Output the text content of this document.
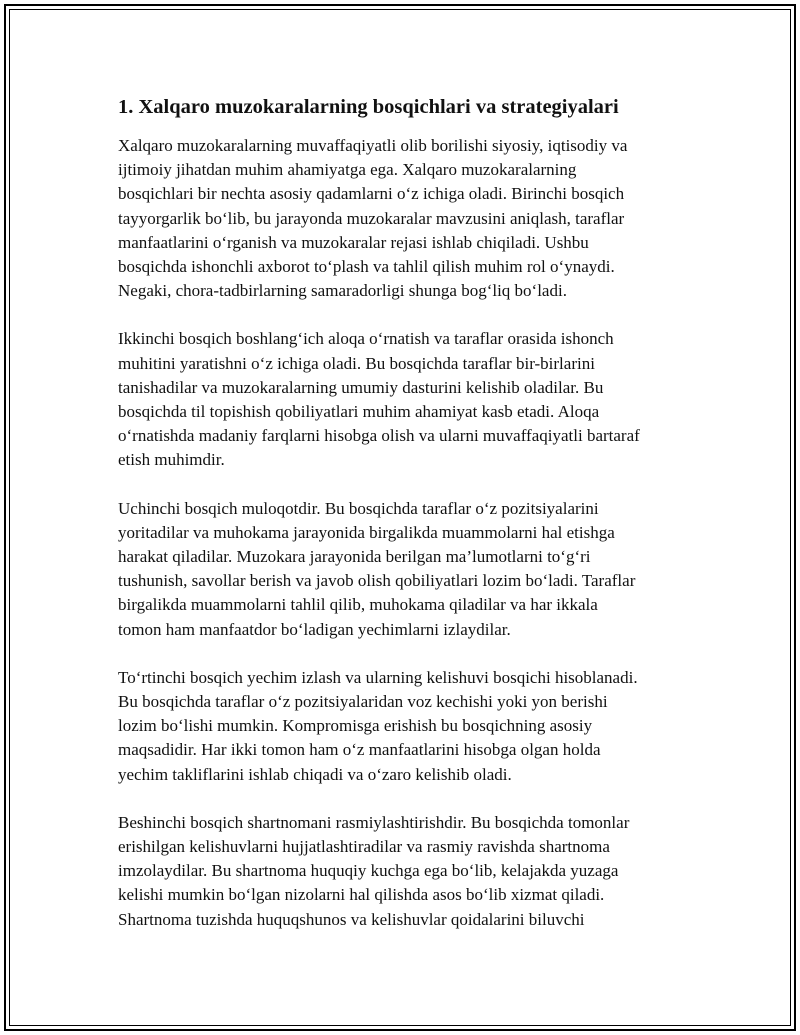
1. Xalqaro muzokaralarning bosqichlari va strategiyalari

Xalqaro muzokaralarning muvaffaqiyatli olib borilishi siyosiy, iqtisodiy va
ijtimoiy jihatdan muhim ahamiyatga ega. Xalqaro muzokaralarning
bosqichlari bir nechta asosiy qadamlarni o‘z ichiga oladi. Birinchi bosqich
tayyorgarlik bo‘lib, bu jarayonda muzokaralar mavzusini aniqlash, taraflar
manfaatlarini o‘rganish va muzokaralar rejasi ishlab chiqiladi. Ushbu
bosqichda ishonchli axborot to‘plash va tahlil qilish muhim rol o‘ynaydi.
Negaki, chora-tadbirlarning samaradorligi shunga bog‘liq bo‘ladi.

Ikkinchi bosqich boshlang‘ich aloqa o‘rnatish va taraflar orasida ishonch
muhitini yaratishni o‘z ichiga oladi. Bu bosqichda taraflar bir-birlarini
tanishadilar va muzokaralarning umumiy dasturini kelishib oladilar. Bu
bosqichda til topishish qobiliyatlari muhim ahamiyat kasb etadi. Aloqa
o‘rnatishda madaniy farqlarni hisobga olish va ularni muvaffaqiyatli bartaraf
etish muhimdir.

Uchinchi bosqich muloqotdir. Bu bosqichda taraflar o‘z pozitsiyalarini
yoritadilar va muhokama jarayonida birgalikda muammolarni hal etishga
harakat qiladilar. Muzokara jarayonida berilgan ma’lumotlarni to‘g‘ri
tushunish, savollar berish va javob olish qobiliyatlari lozim bo‘ladi. Taraflar
birgalikda muammolarni tahlil qilib, muhokama qiladilar va har ikkala
tomon ham manfaatdor bo‘ladigan yechimlarni izlaydilar.

To‘rtinchi bosqich yechim izlash va ularning kelishuvi bosqichi hisoblanadi.
Bu bosqichda taraflar o‘z pozitsiyalaridan voz kechishi yoki yon berishi
lozim bo‘lishi mumkin. Kompromisga erishish bu bosqichning asosiy
maqsadidir. Har ikki tomon ham o‘z manfaatlarini hisobga olgan holda
yechim takliflarini ishlab chiqadi va o‘zaro kelishib oladi.

Beshinchi bosqich shartnomani rasmiylashtirishdir. Bu bosqichda tomonlar
erishilgan kelishuvlarni hujjatlashtiradilar va rasmiy ravishda shartnoma
imzolaydilar. Bu shartnoma huquqiy kuchga ega bo‘lib, kelajakda yuzaga
kelishi mumkin bo‘lgan nizolarni hal qilishda asos bo‘lib xizmat qiladi.
Shartnoma tuzishda huquqshunos va kelishuvlar qoidalarini biluvchi
